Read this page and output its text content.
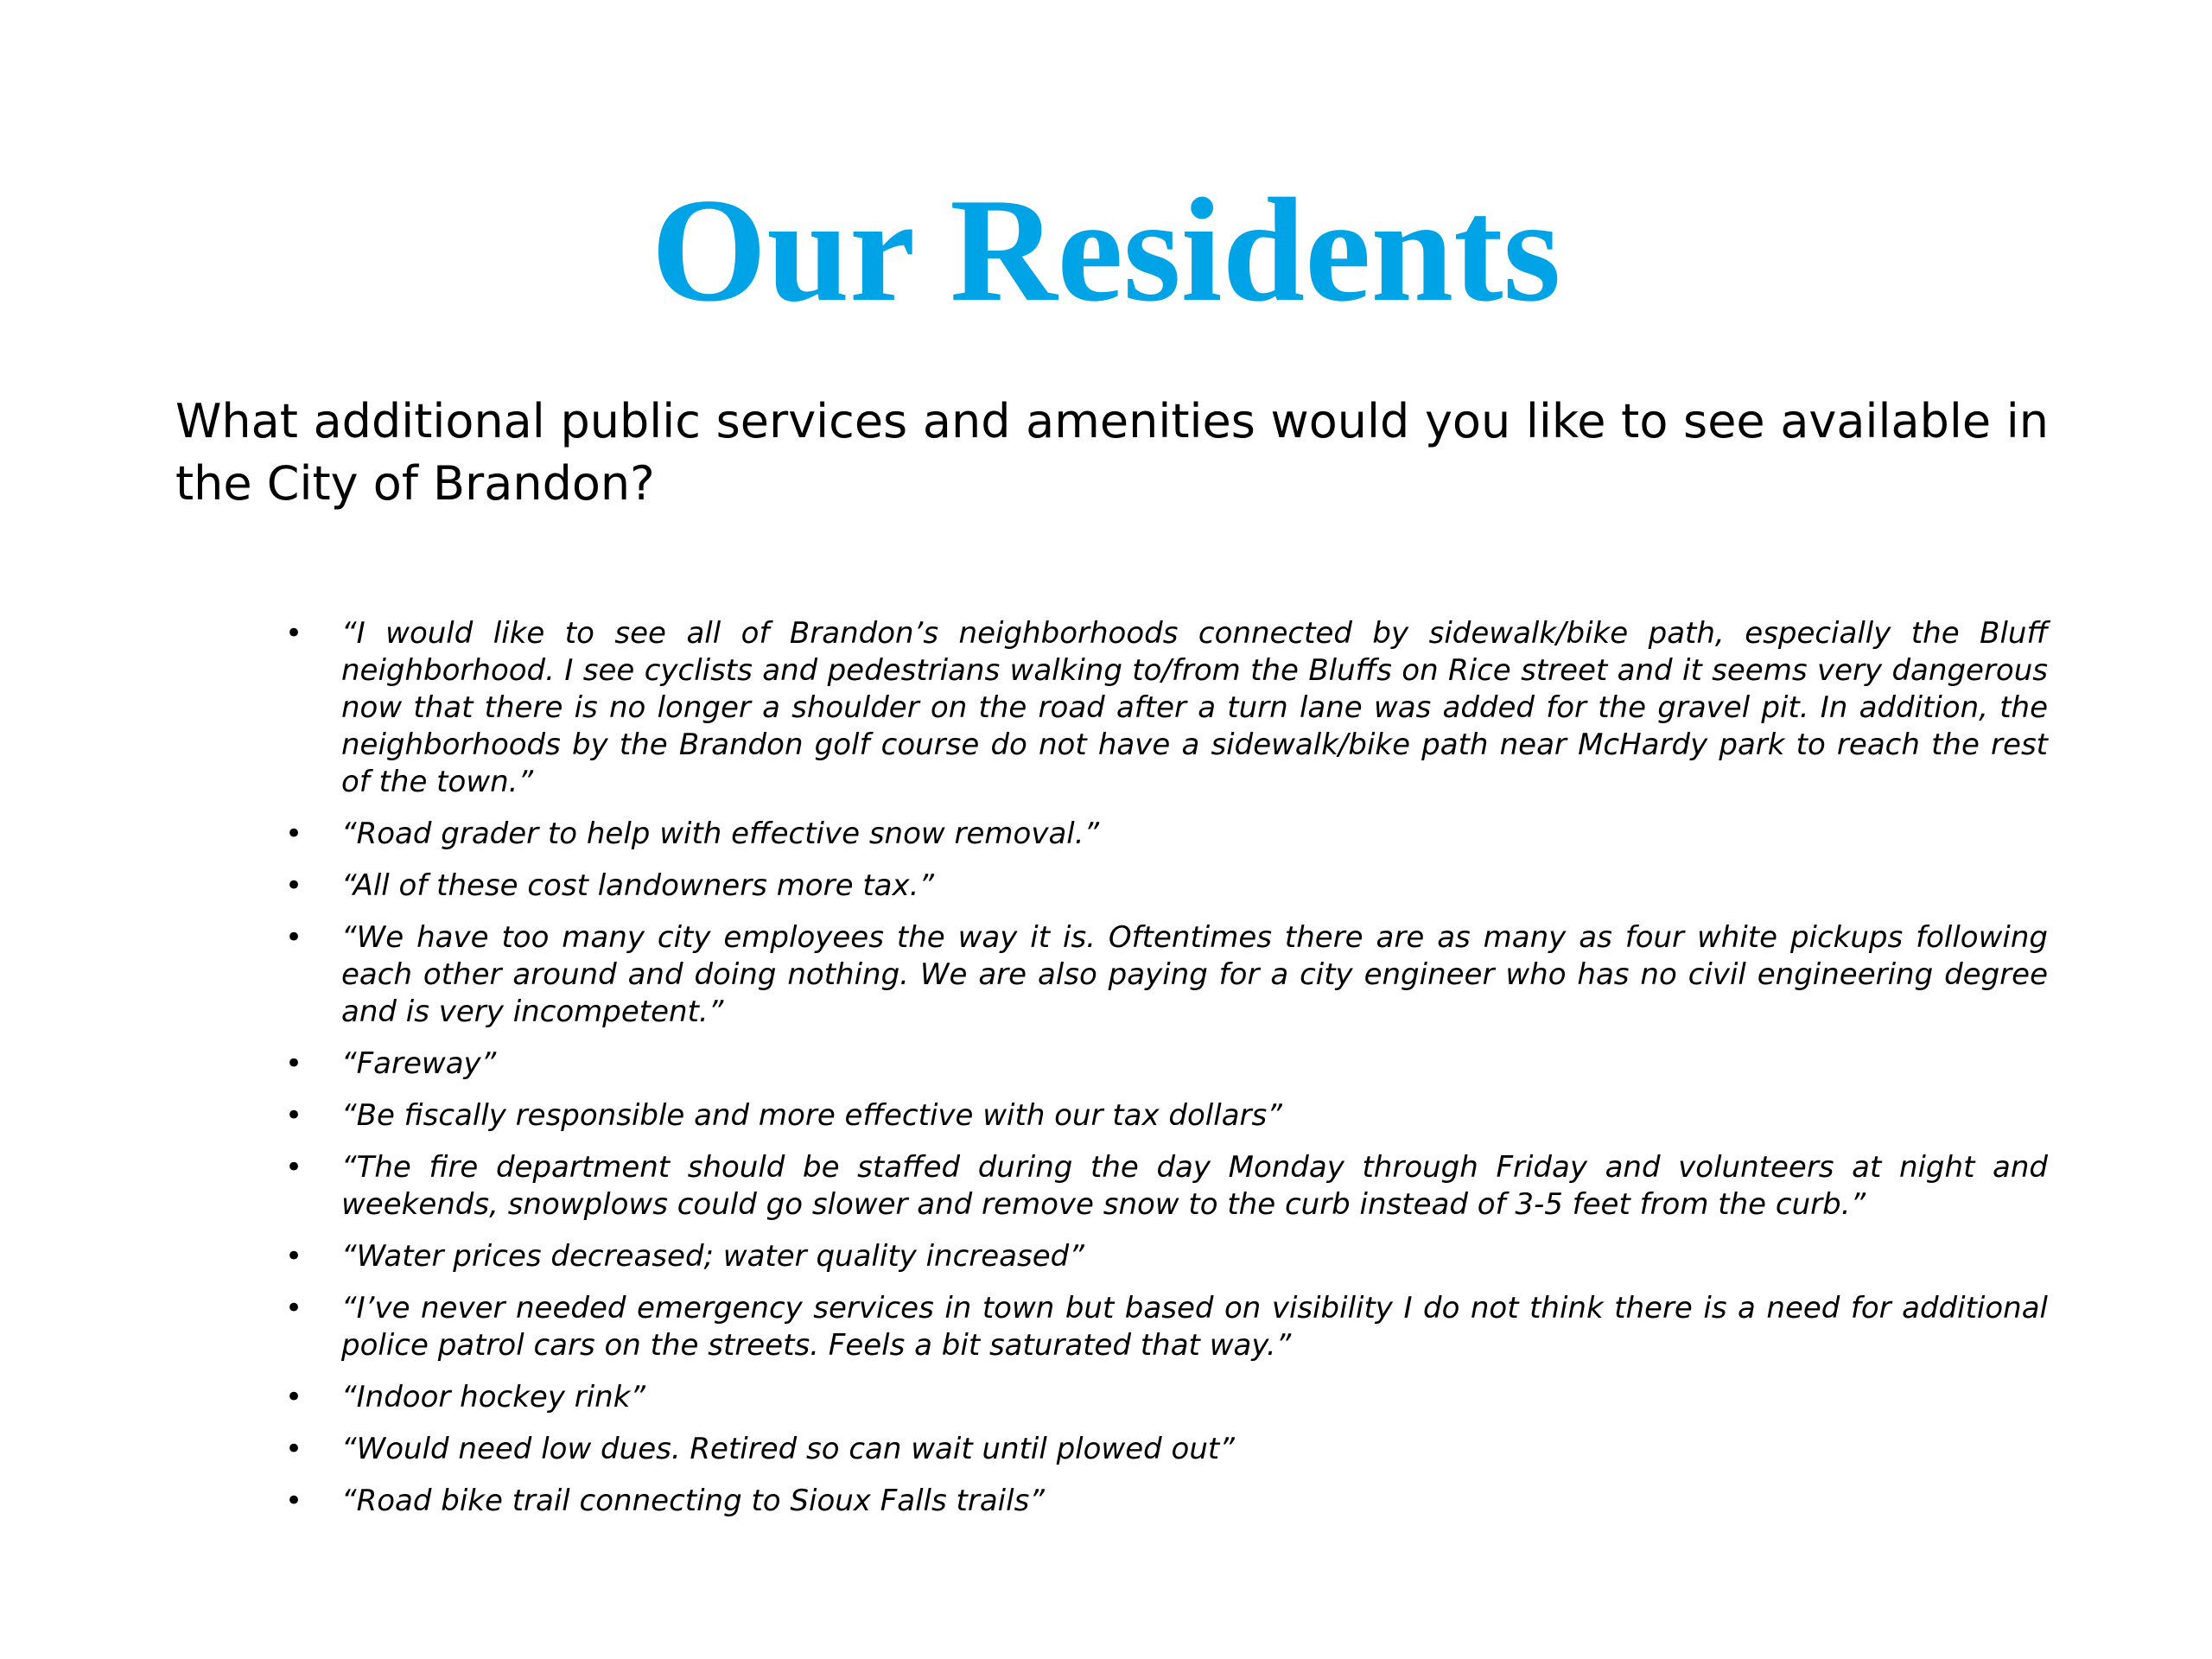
Our Residents

What additional public services and amenities would you like to see available in the City of Brandon?

• “I would like to see all of Brandon’s neighborhoods connected by sidewalk/bike path, especially the Bluff neighborhood. I see cyclists and pedestrians walking to/from the Bluffs on Rice street and it seems very dangerous now that there is no longer a shoulder on the road after a turn lane was added for the gravel pit. In addition, the neighborhoods by the Brandon golf course do not have a sidewalk/bike path near McHardy park to reach the rest of the town.”
• “Road grader to help with effective snow removal.”
• “All of these cost landowners more tax.”
• “We have too many city employees the way it is. Oftentimes there are as many as four white pickups following each other around and doing nothing. We are also paying for a city engineer who has no civil engineering degree and is very incompetent.”
• “Fareway”
• “Be fiscally responsible and more effective with our tax dollars”
• “The fire department should be staffed during the day Monday through Friday and volunteers at night and weekends, snowplows could go slower and remove snow to the curb instead of 3-5 feet from the curb.”
• “Water prices decreased; water quality increased”
• “I’ve never needed emergency services in town but based on visibility I do not think there is a need for additional police patrol cars on the streets. Feels a bit saturated that way.”
• “Indoor hockey rink”
• “Would need low dues. Retired so can wait until plowed out”
• “Road bike trail connecting to Sioux Falls trails”
